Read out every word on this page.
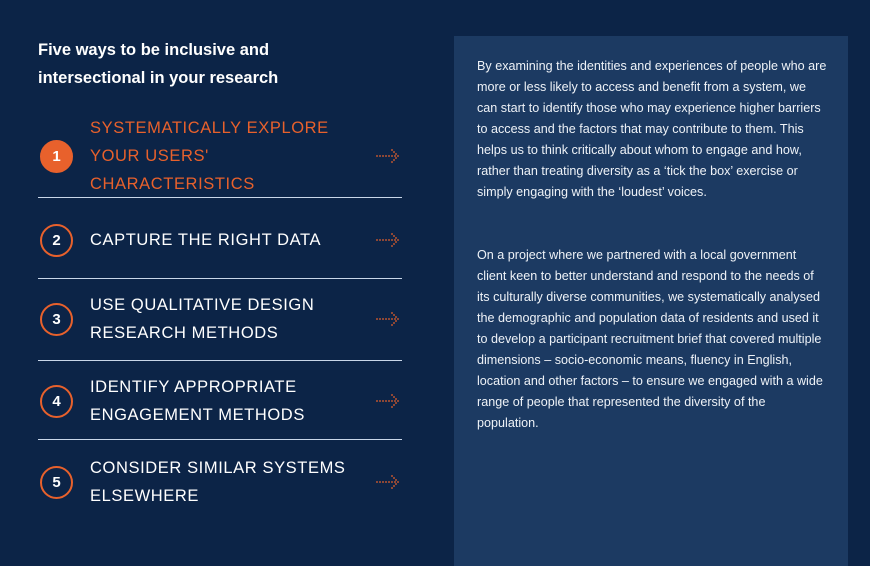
Five ways to be inclusive and intersectional in your research
1
SYSTEMATICALLY EXPLORE YOUR USERS' CHARACTERISTICS
2	CAPTURE THE RIGHT DATA
3
USE QUALITATIVE DESIGN RESEARCH METHODS
4
IDENTIFY APPROPRIATE ENGAGEMENT METHODS
5
CONSIDER SIMILAR SYSTEMS ELSEWHERE

By examining the identities and experiences of people who are more or less likely to access and benefit from a system, we can start to identify those who may experience higher barriers to access and the factors that may contribute to them. This helps us to think critically about whom to engage and how, rather than treating diversity as a ‘tick the box’ exercise or simply engaging with the ‘loudest’ voices.

On a project where we partnered with a local government client keen to better understand and respond to the needs of its culturally diverse communities, we systematically analysed the demographic and population data of residents and used it to develop a participant recruitment brief that covered multiple dimensions – socio-economic means, fluency in English, location and other factors – to ensure we engaged with a wide range of people that represented the diversity of the population.
